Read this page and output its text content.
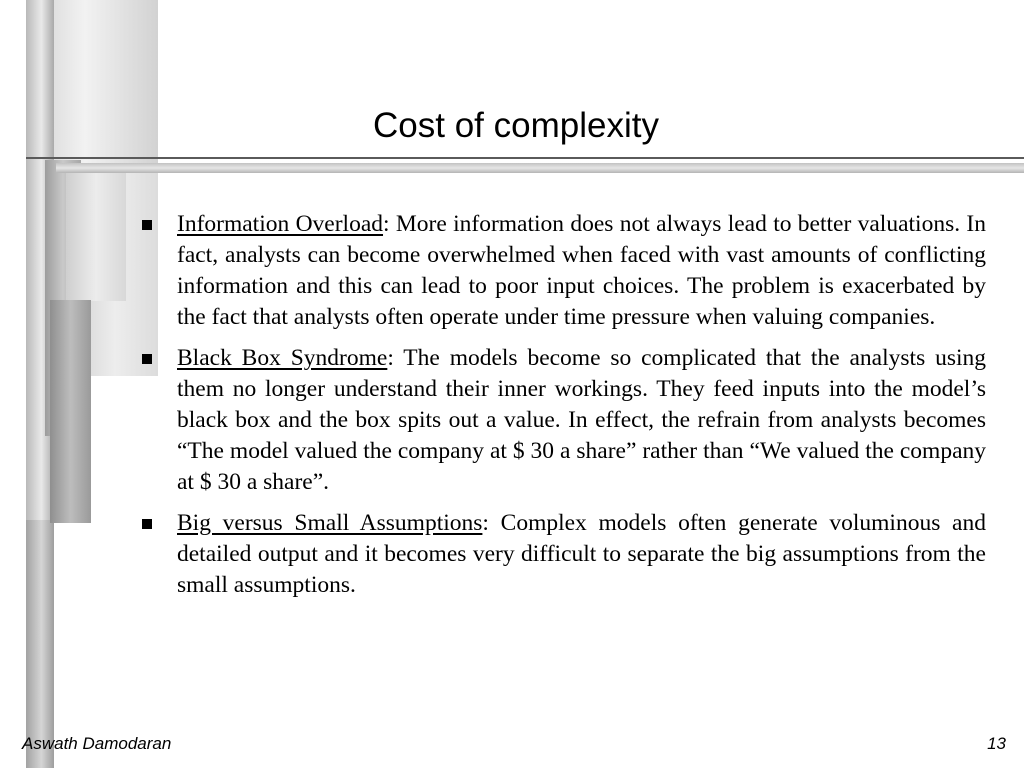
Cost of complexity
Information Overload: More information does not always lead to better valuations. In fact, analysts can become overwhelmed when faced with vast amounts of conflicting information and this can lead to poor input choices. The problem is exacerbated by the fact that analysts often operate under time pressure when valuing companies.
Black Box Syndrome: The models become so complicated that the analysts using them no longer understand their inner workings. They feed inputs into the model’s black box and the box spits out a value. In effect, the refrain from analysts becomes “The model valued the company at $ 30 a share” rather than “We valued the company at $ 30 a share”.
Big versus Small Assumptions: Complex models often generate voluminous and detailed output and it becomes very difficult to separate the big assumptions from the small assumptions.
Aswath Damodaran	13
